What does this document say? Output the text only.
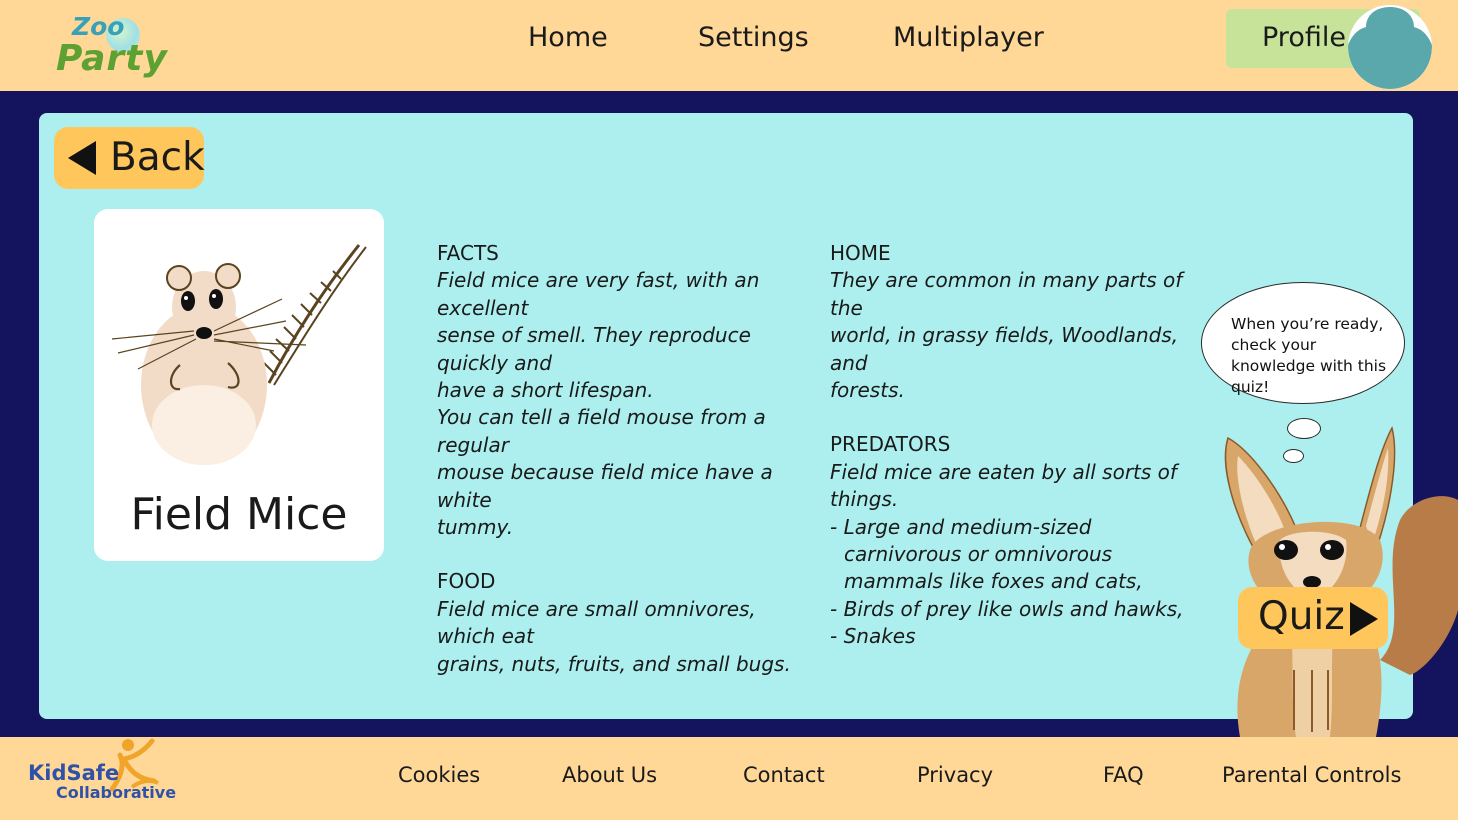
Zoo
Party
Home	Settings	Multiplayer	Profile
Back
Field Mice
FACTS
Field mice are very fast, with an excellent
sense of smell. They reproduce quickly and
have a short lifespan.
You can tell a field mouse from a regular
mouse because field mice have a white
tummy.
FOOD
Field mice are small omnivores, which eat
grains, nuts, fruits, and small bugs.
HOME
They are common in many parts of the
world, in grassy fields, Woodlands, and
forests.
PREDATORS
Field mice are eaten by all sorts of things.
- Large and medium-sized carnivorous or omnivorous mammals like foxes and cats,
- Birds of prey like owls and hawks,
- Snakes
When you’re ready, check your knowledge with this quiz!
Quiz
KidSafe
Collaborative
Cookies	About Us	Contact	Privacy	FAQ	Parental Controls
